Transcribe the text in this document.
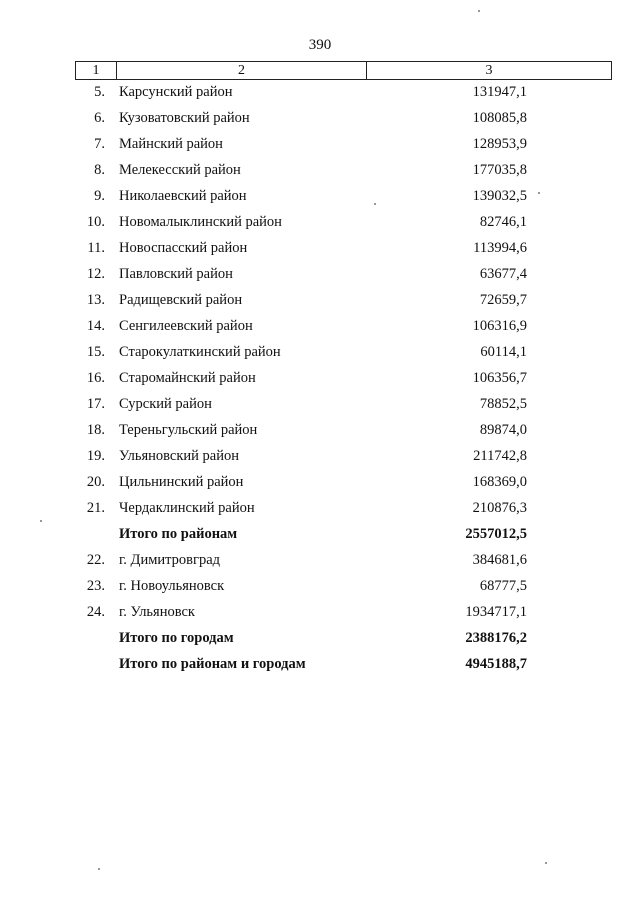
390
1	2	3
5. Карсунский район	131947,1
6. Кузоватовский район	108085,8
7. Майнский район	128953,9
8. Мелекесский район	177035,8
9. Николаевский район	139032,5
10. Новомалыклинский район	82746,1
11. Новоспасский район	113994,6
12. Павловский район	63677,4
13. Радищевский район	72659,7
14. Сенгилеевский район	106316,9
15. Старокулаткинский район	60114,1
16. Старомайнский район	106356,7
17. Сурский район	78852,5
18. Тереньгульский район	89874,0
19. Ульяновский район	211742,8
20. Цильнинский район	168369,0
21. Чердаклинский район	210876,3
Итого по районам	2557012,5
22. г. Димитровград	384681,6
23. г. Новоульяновск	68777,5
24. г. Ульяновск	1934717,1
Итого по городам	2388176,2
Итого по районам и городам	4945188,7
